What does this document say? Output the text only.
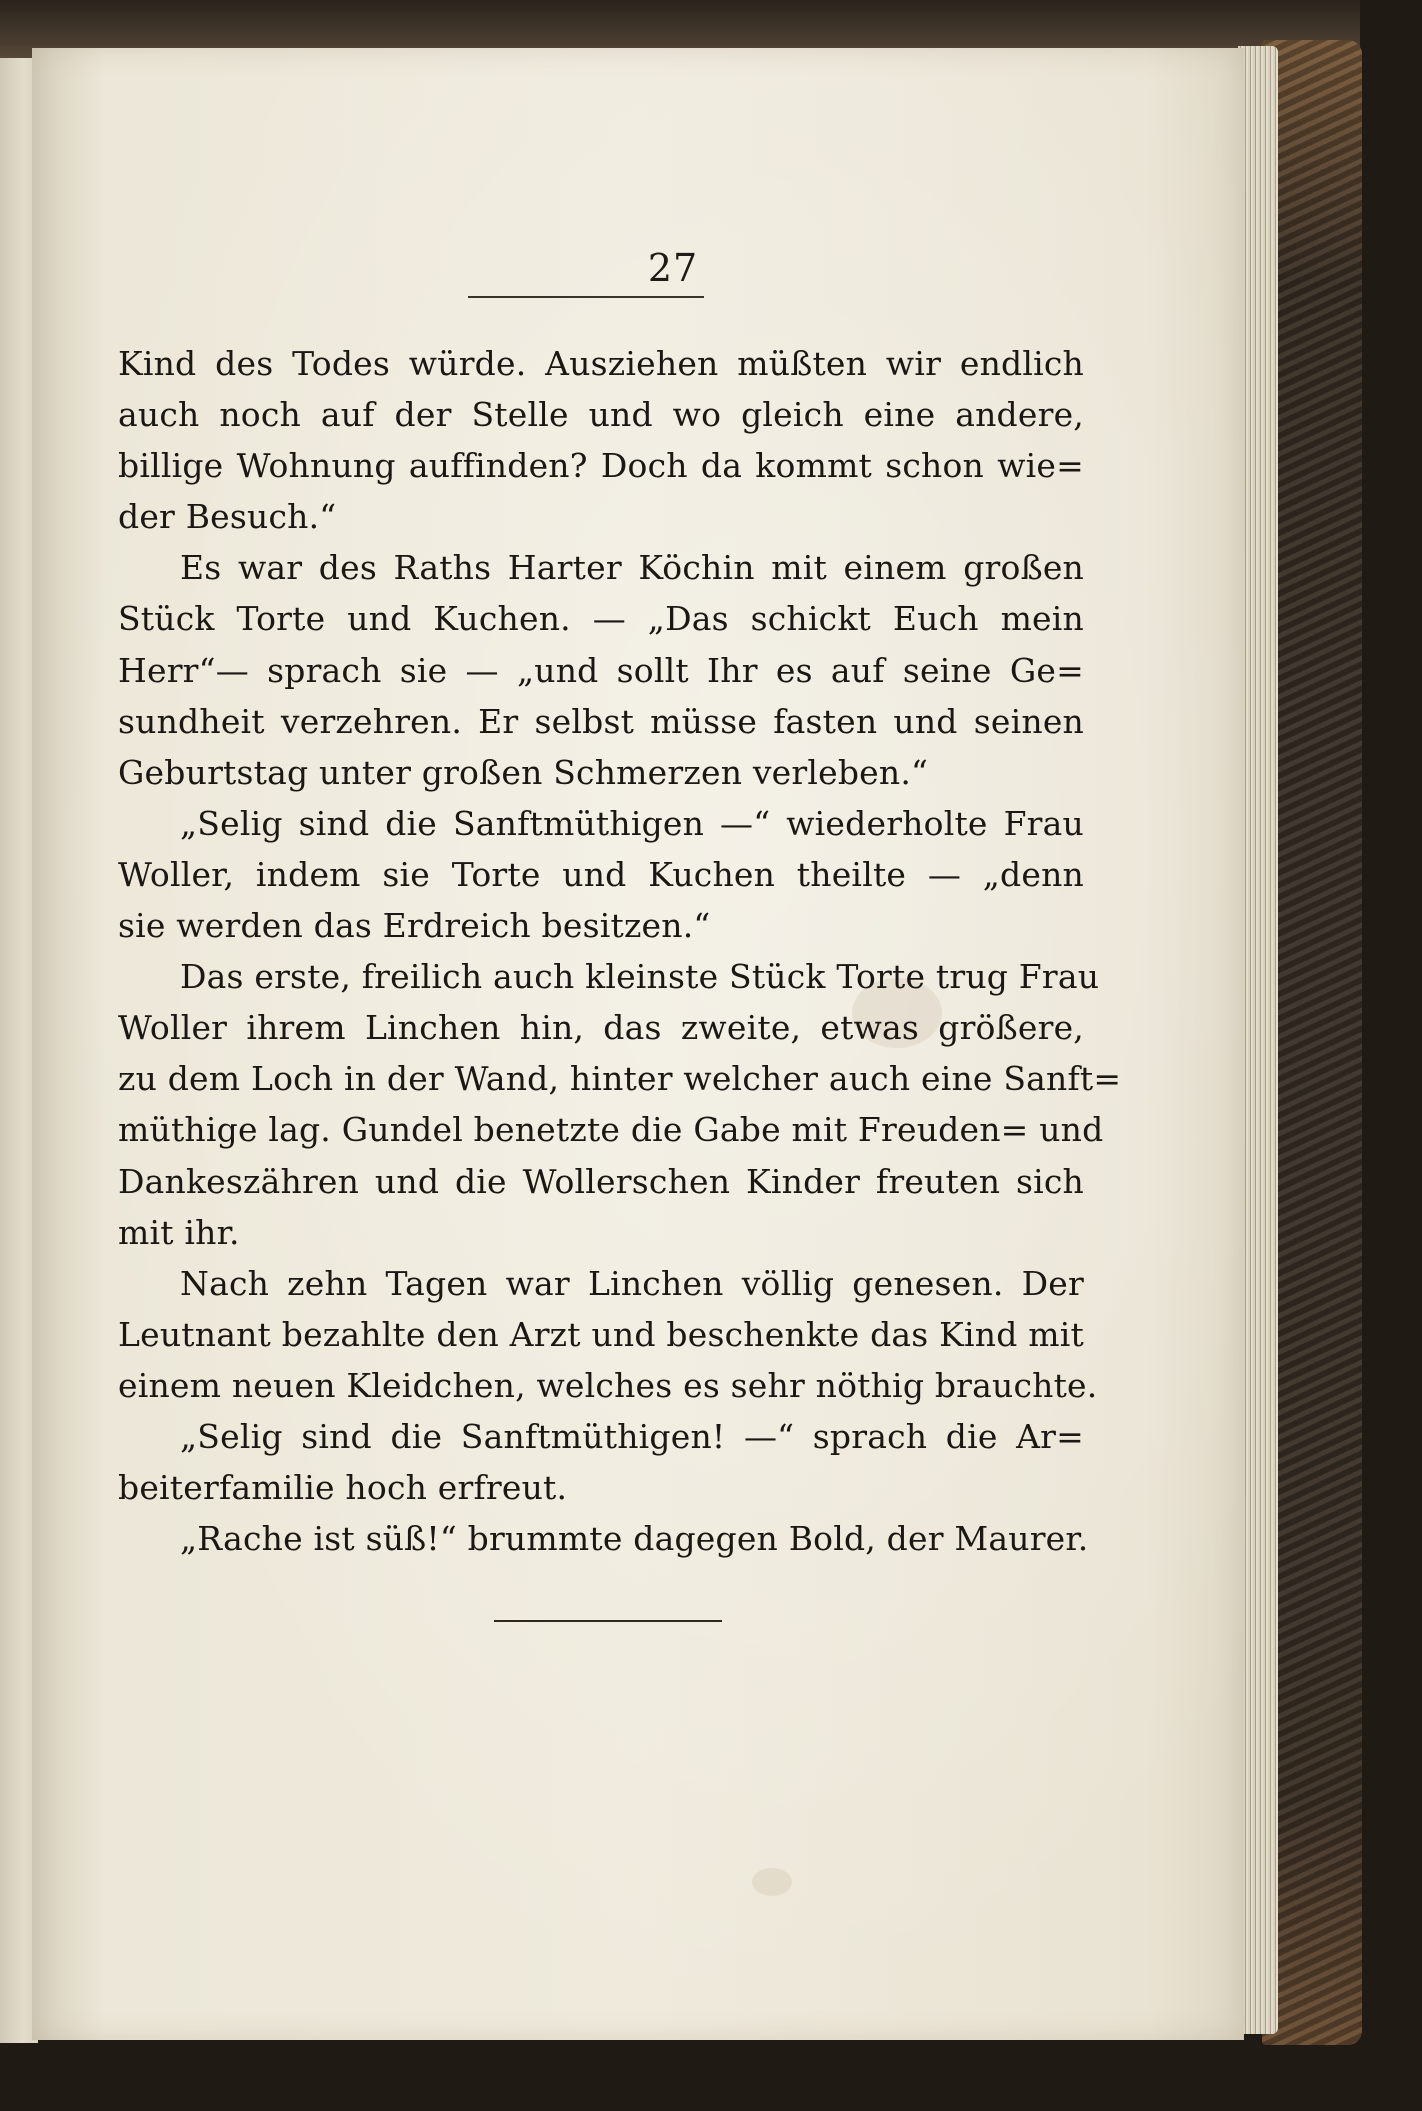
27
Kind des Todes würde. Ausziehen müßten wir endlich
auch noch auf der Stelle und wo gleich eine andere,
billige Wohnung auffinden? Doch da kommt schon wie=
der Besuch.“
Es war des Raths Harter Köchin mit einem großen
Stück Torte und Kuchen. — „Das schickt Euch mein
Herr“— sprach sie — „und sollt Ihr es auf seine Ge=
sundheit verzehren. Er selbst müsse fasten und seinen
Geburtstag unter großen Schmerzen verleben.“
„Selig sind die Sanftmüthigen —“ wiederholte Frau
Woller, indem sie Torte und Kuchen theilte — „denn
sie werden das Erdreich besitzen.“
Das erste, freilich auch kleinste Stück Torte trug Frau
Woller ihrem Linchen hin, das zweite, etwas größere,
zu dem Loch in der Wand, hinter welcher auch eine Sanft=
müthige lag. Gundel benetzte die Gabe mit Freuden= und
Dankeszähren und die Wollerschen Kinder freuten sich
mit ihr.
Nach zehn Tagen war Linchen völlig genesen. Der
Leutnant bezahlte den Arzt und beschenkte das Kind mit
einem neuen Kleidchen, welches es sehr nöthig brauchte.
„Selig sind die Sanftmüthigen! —“ sprach die Ar=
beiterfamilie hoch erfreut.
„Rache ist süß!“ brummte dagegen Bold, der Maurer.
